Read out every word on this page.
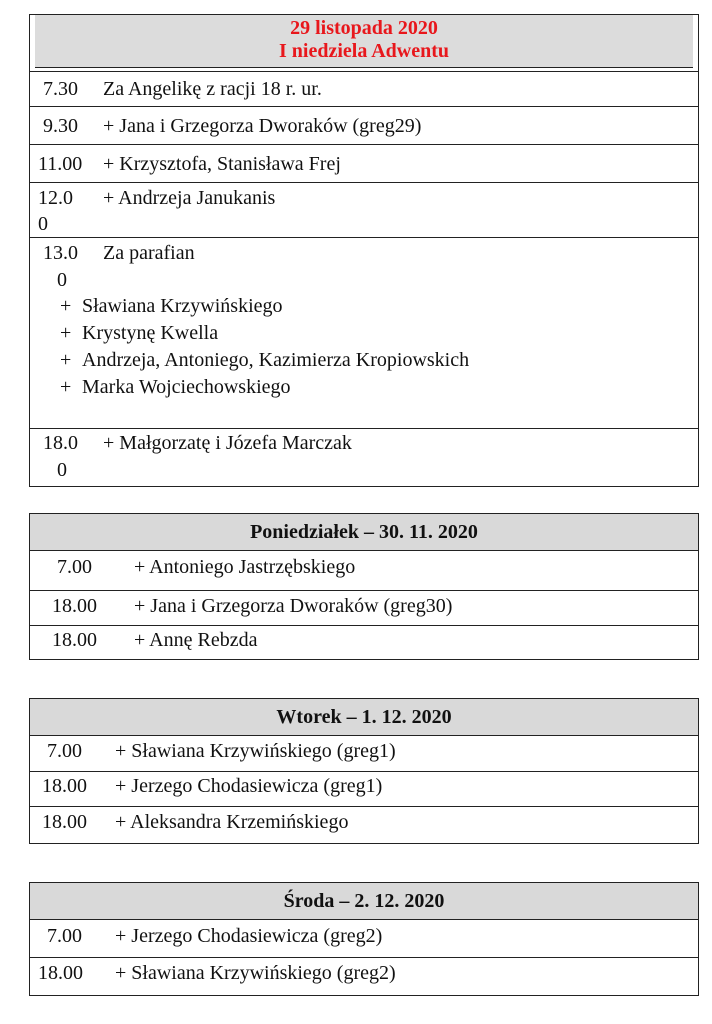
29 listopada 2020
I niedziela Adwentu
7.30 Za Angelikę z racji 18 r. ur.
9.30 + Jana i Grzegorza Dworaków (greg29)
11.00 + Krzysztofa, Stanisława Frej
12.0
0
+ Andrzeja Janukanis
13.0
0
Za parafian
+ Sławiana Krzywińskiego
+ Krystynę Kwella
+ Andrzeja, Antoniego, Kazimierza Kropiowskich
+ Marka Wojciechowskiego
18.0
0
+ Małgorzatę i Józefa Marczak
Poniedziałek – 30. 11. 2020
7.00 + Antoniego Jastrzębskiego
18.00 + Jana i Grzegorza Dworaków (greg30)
18.00 + Annę Rebzda
Wtorek – 1. 12. 2020
7.00 + Sławiana Krzywińskiego (greg1)
18.00 + Jerzego Chodasiewicza (greg1)
18.00 + Aleksandra Krzemińskiego
Środa – 2. 12. 2020
7.00 + Jerzego Chodasiewicza (greg2)
18.00 + Sławiana Krzywińskiego (greg2)
